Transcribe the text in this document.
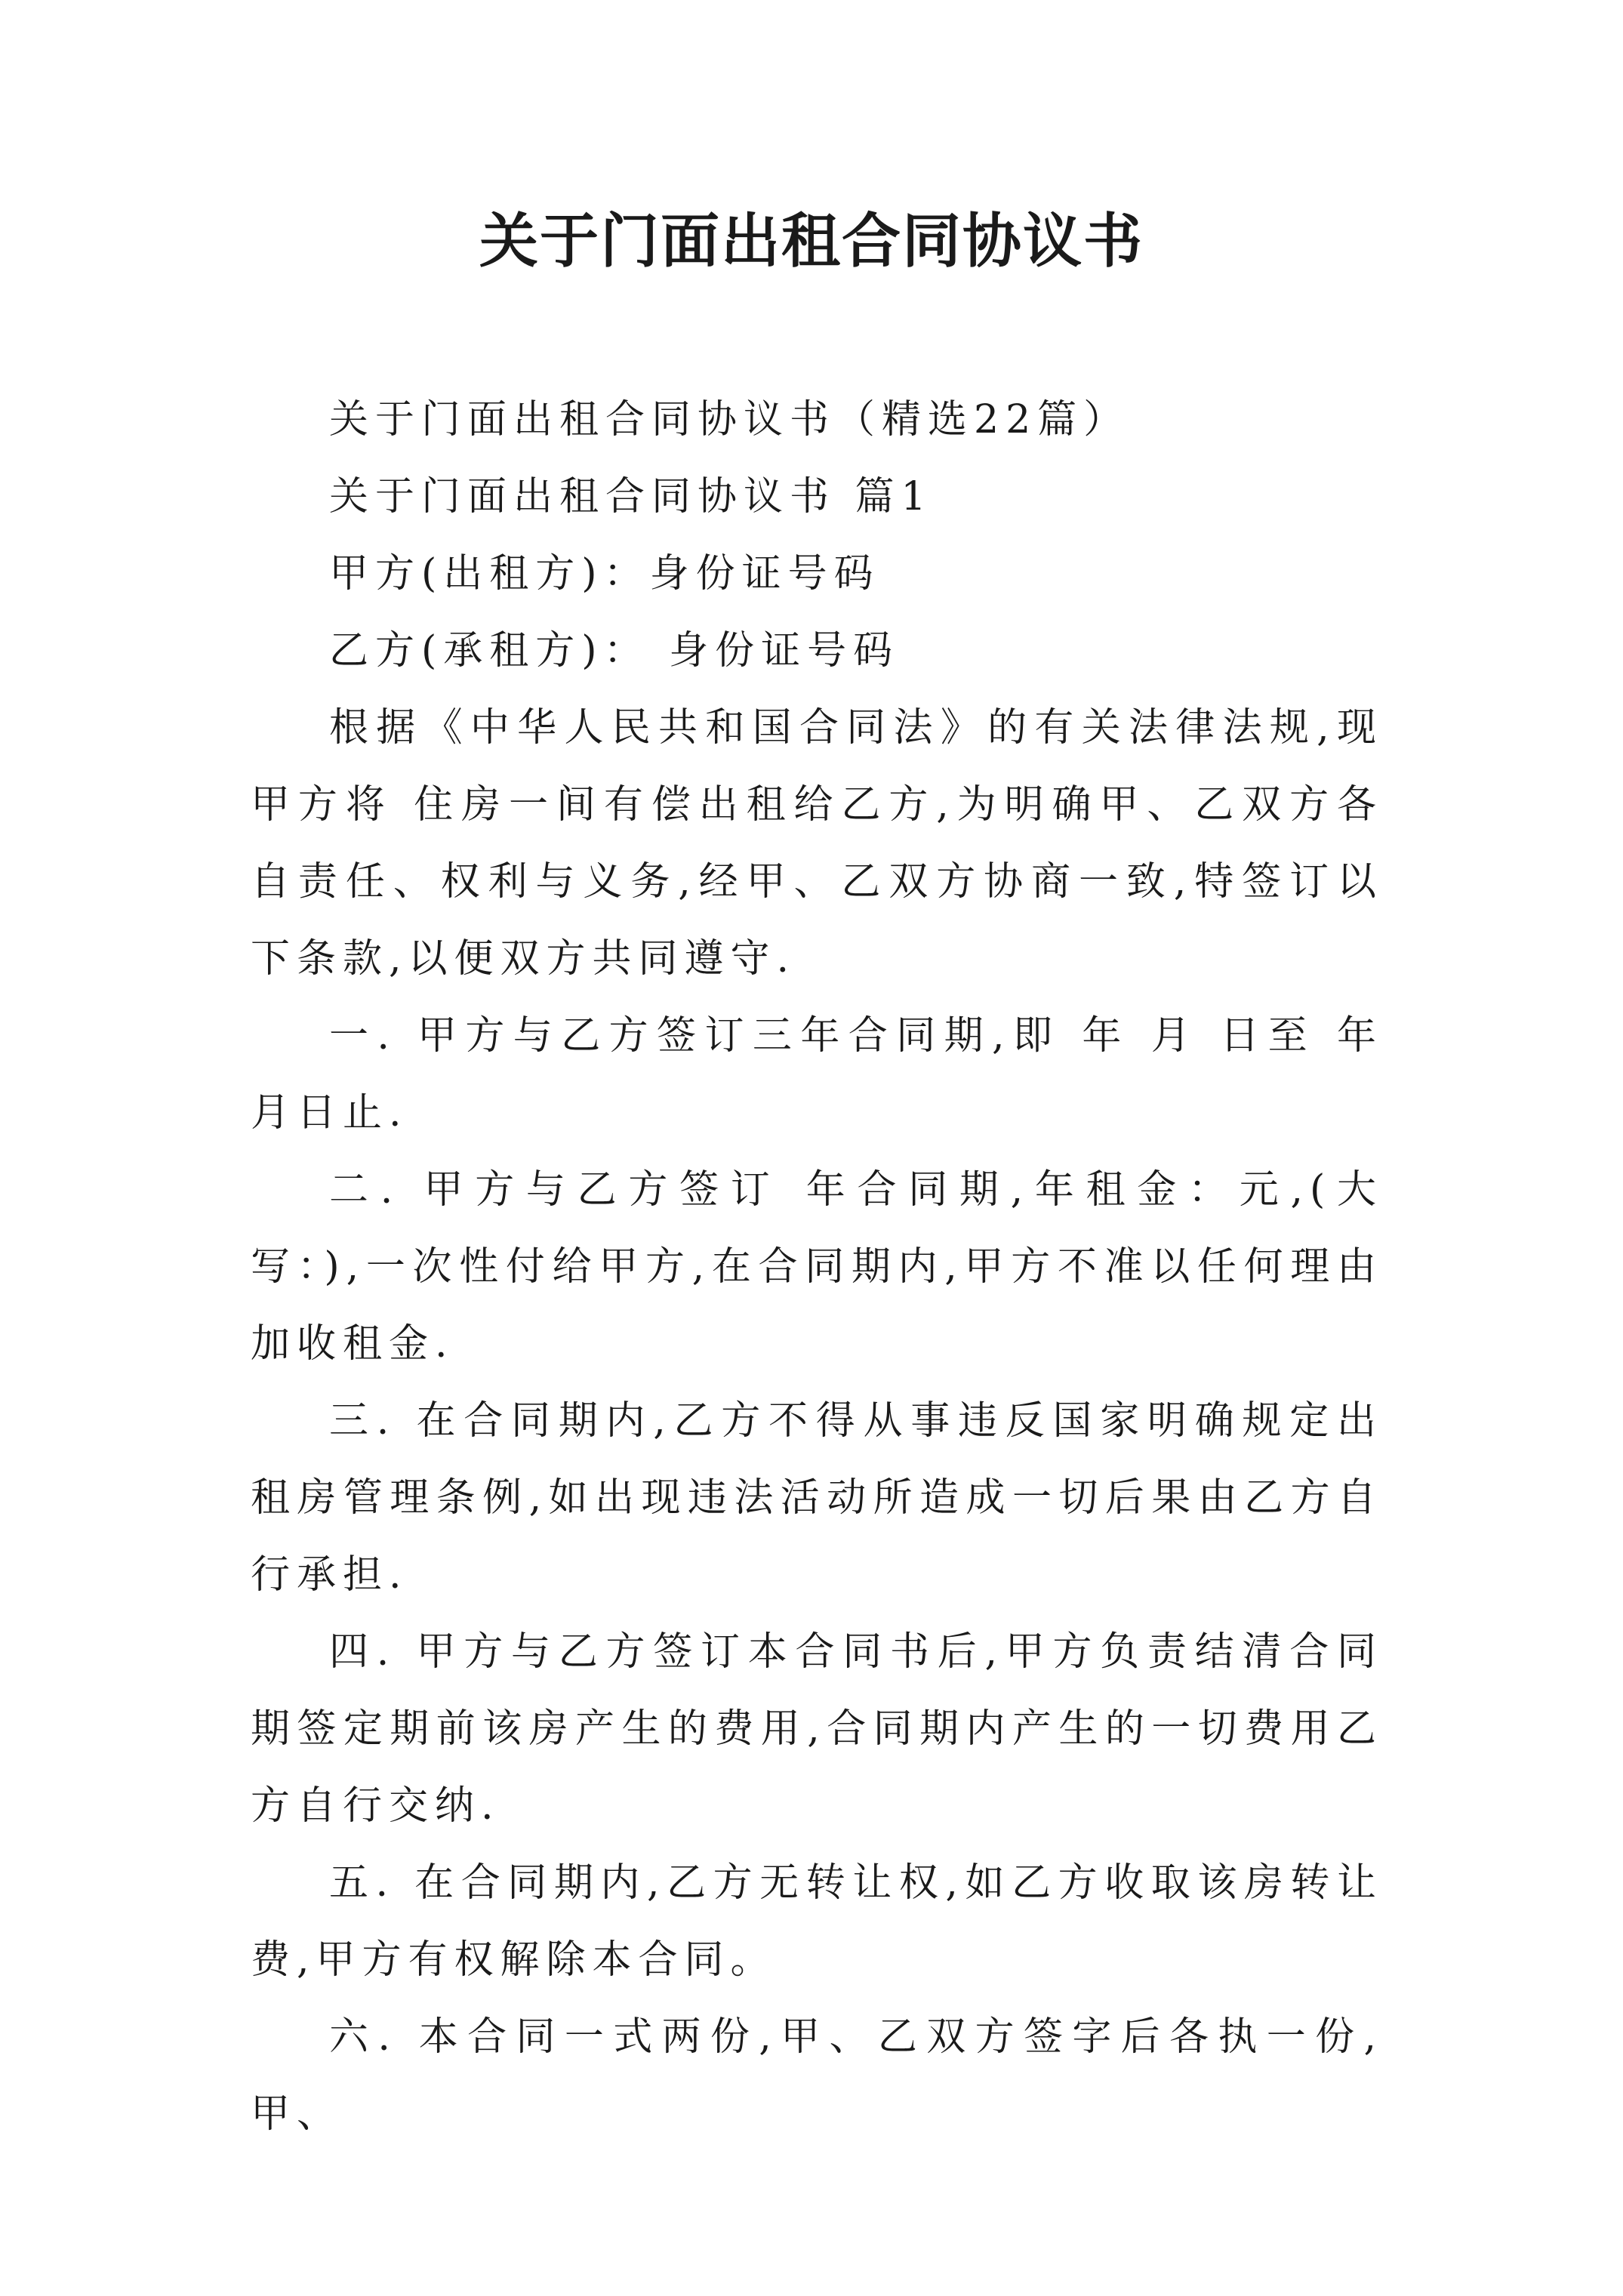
关于门面出租合同协议书

关于门面出租合同协议书（精选22篇）

关于门面出租合同协议书 篇1

甲方(出租方)：身份证号码

乙方(承租方)： 身份证号码

根据《中华人民共和国合同法》的有关法律法规,现甲方将 住房一间有偿出租给乙方,为明确甲、乙双方各自责任、权利与义务,经甲、乙双方协商一致,特签订以下条款,以便双方共同遵守.

一. 甲方与乙方签订三年合同期,即 年 月 日至 年月日止.

二. 甲方与乙方签订 年合同期,年租金：元,(大写：),一次性付给甲方,在合同期内,甲方不准以任何理由加收租金.

三. 在合同期内,乙方不得从事违反国家明确规定出租房管理条例,如出现违法活动所造成一切后果由乙方自行承担.

四. 甲方与乙方签订本合同书后,甲方负责结清合同期签定期前该房产生的费用,合同期内产生的一切费用乙方自行交纳.

五. 在合同期内,乙方无转让权,如乙方收取该房转让费,甲方有权解除本合同。

六. 本合同一式两份,甲、乙双方签字后各执一份,甲、
